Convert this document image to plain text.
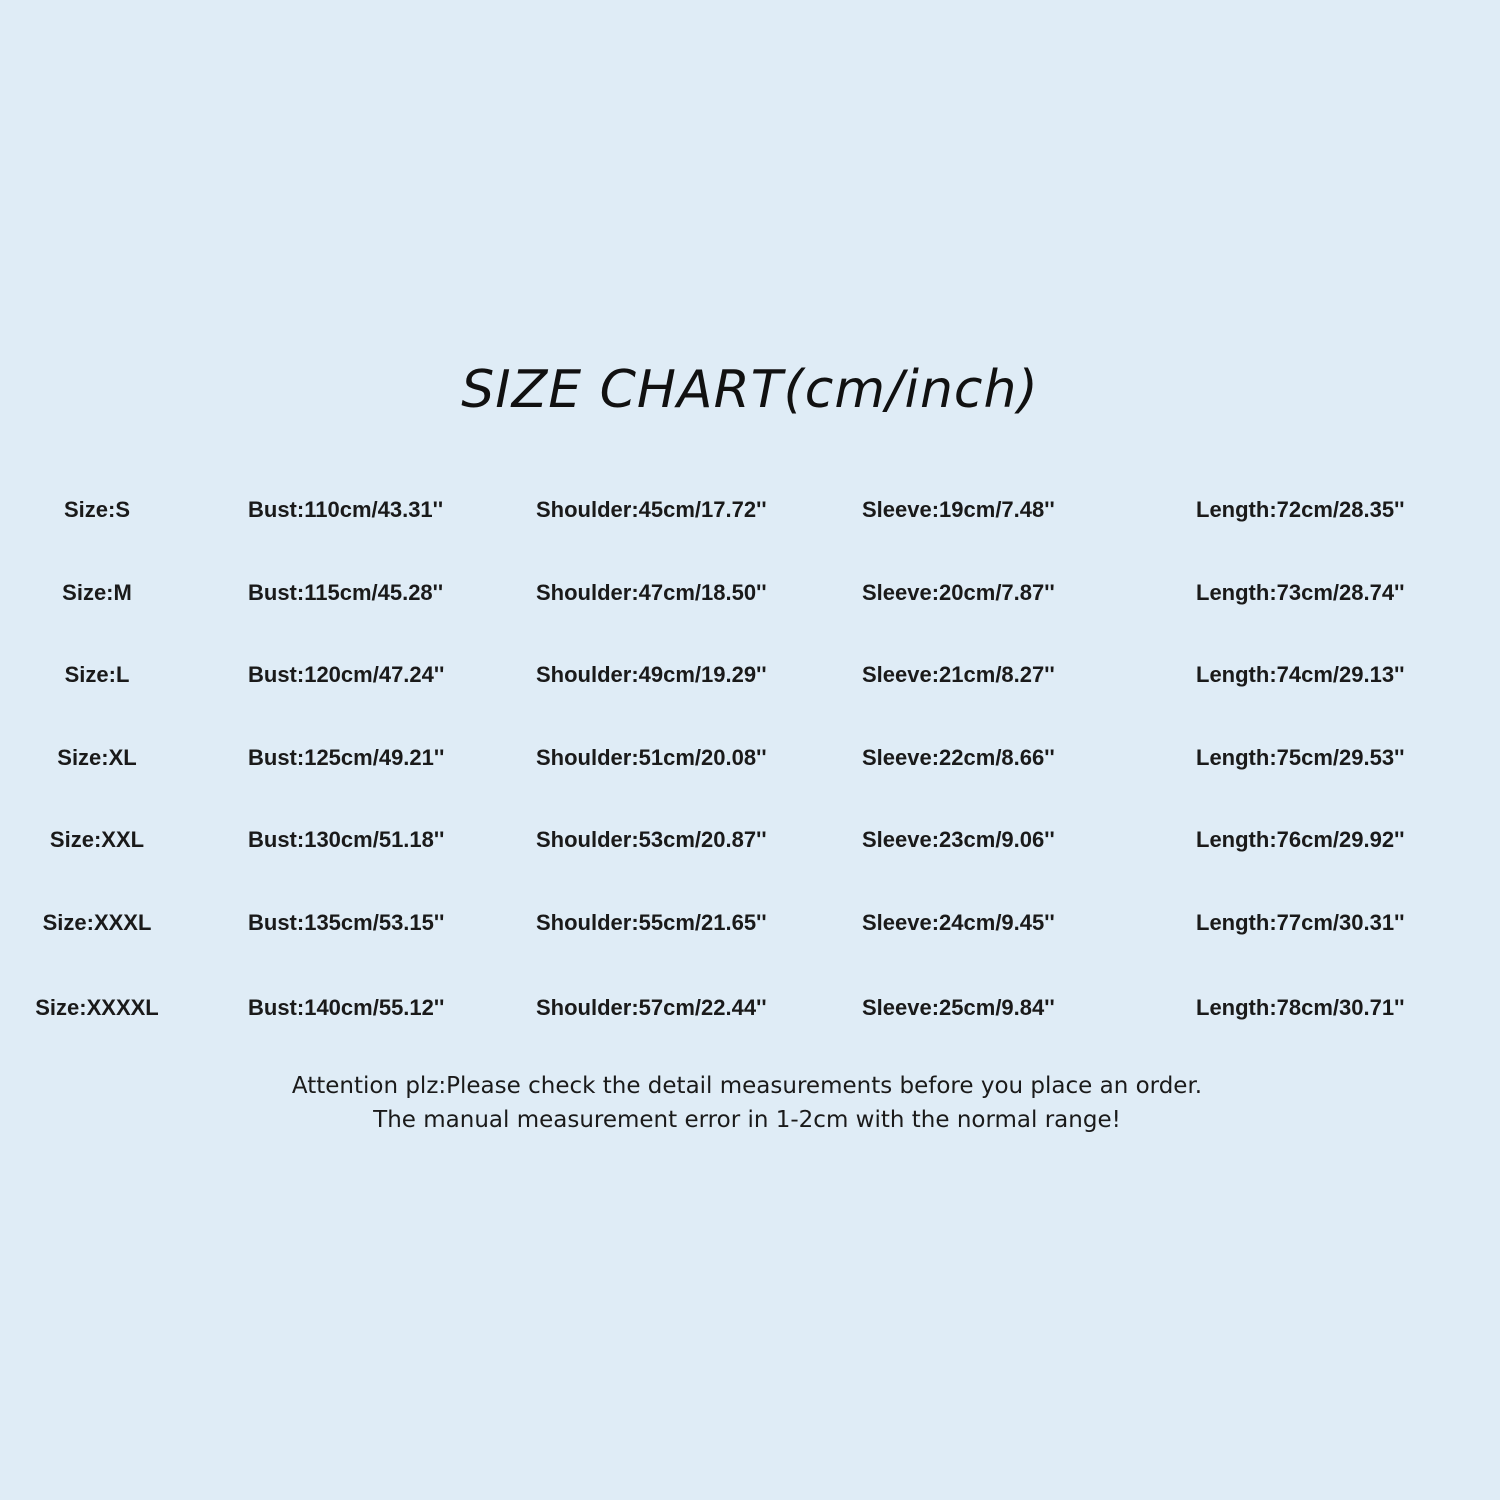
SIZE CHART(cm/inch)
Size:S	Bust:110cm/43.31''	Shoulder:45cm/17.72''	Sleeve:19cm/7.48''	Length:72cm/28.35''
Size:M	Bust:115cm/45.28''	Shoulder:47cm/18.50''	Sleeve:20cm/7.87''	Length:73cm/28.74''
Size:L	Bust:120cm/47.24''	Shoulder:49cm/19.29''	Sleeve:21cm/8.27''	Length:74cm/29.13''
Size:XL	Bust:125cm/49.21''	Shoulder:51cm/20.08''	Sleeve:22cm/8.66''	Length:75cm/29.53''
Size:XXL	Bust:130cm/51.18''	Shoulder:53cm/20.87''	Sleeve:23cm/9.06''	Length:76cm/29.92''
Size:XXXL	Bust:135cm/53.15''	Shoulder:55cm/21.65''	Sleeve:24cm/9.45''	Length:77cm/30.31''
Size:XXXXL	Bust:140cm/55.12''	Shoulder:57cm/22.44''	Sleeve:25cm/9.84''	Length:78cm/30.71''
Attention plz:Please check the detail measurements before you place an order.
The manual measurement error in 1-2cm with the normal range!
